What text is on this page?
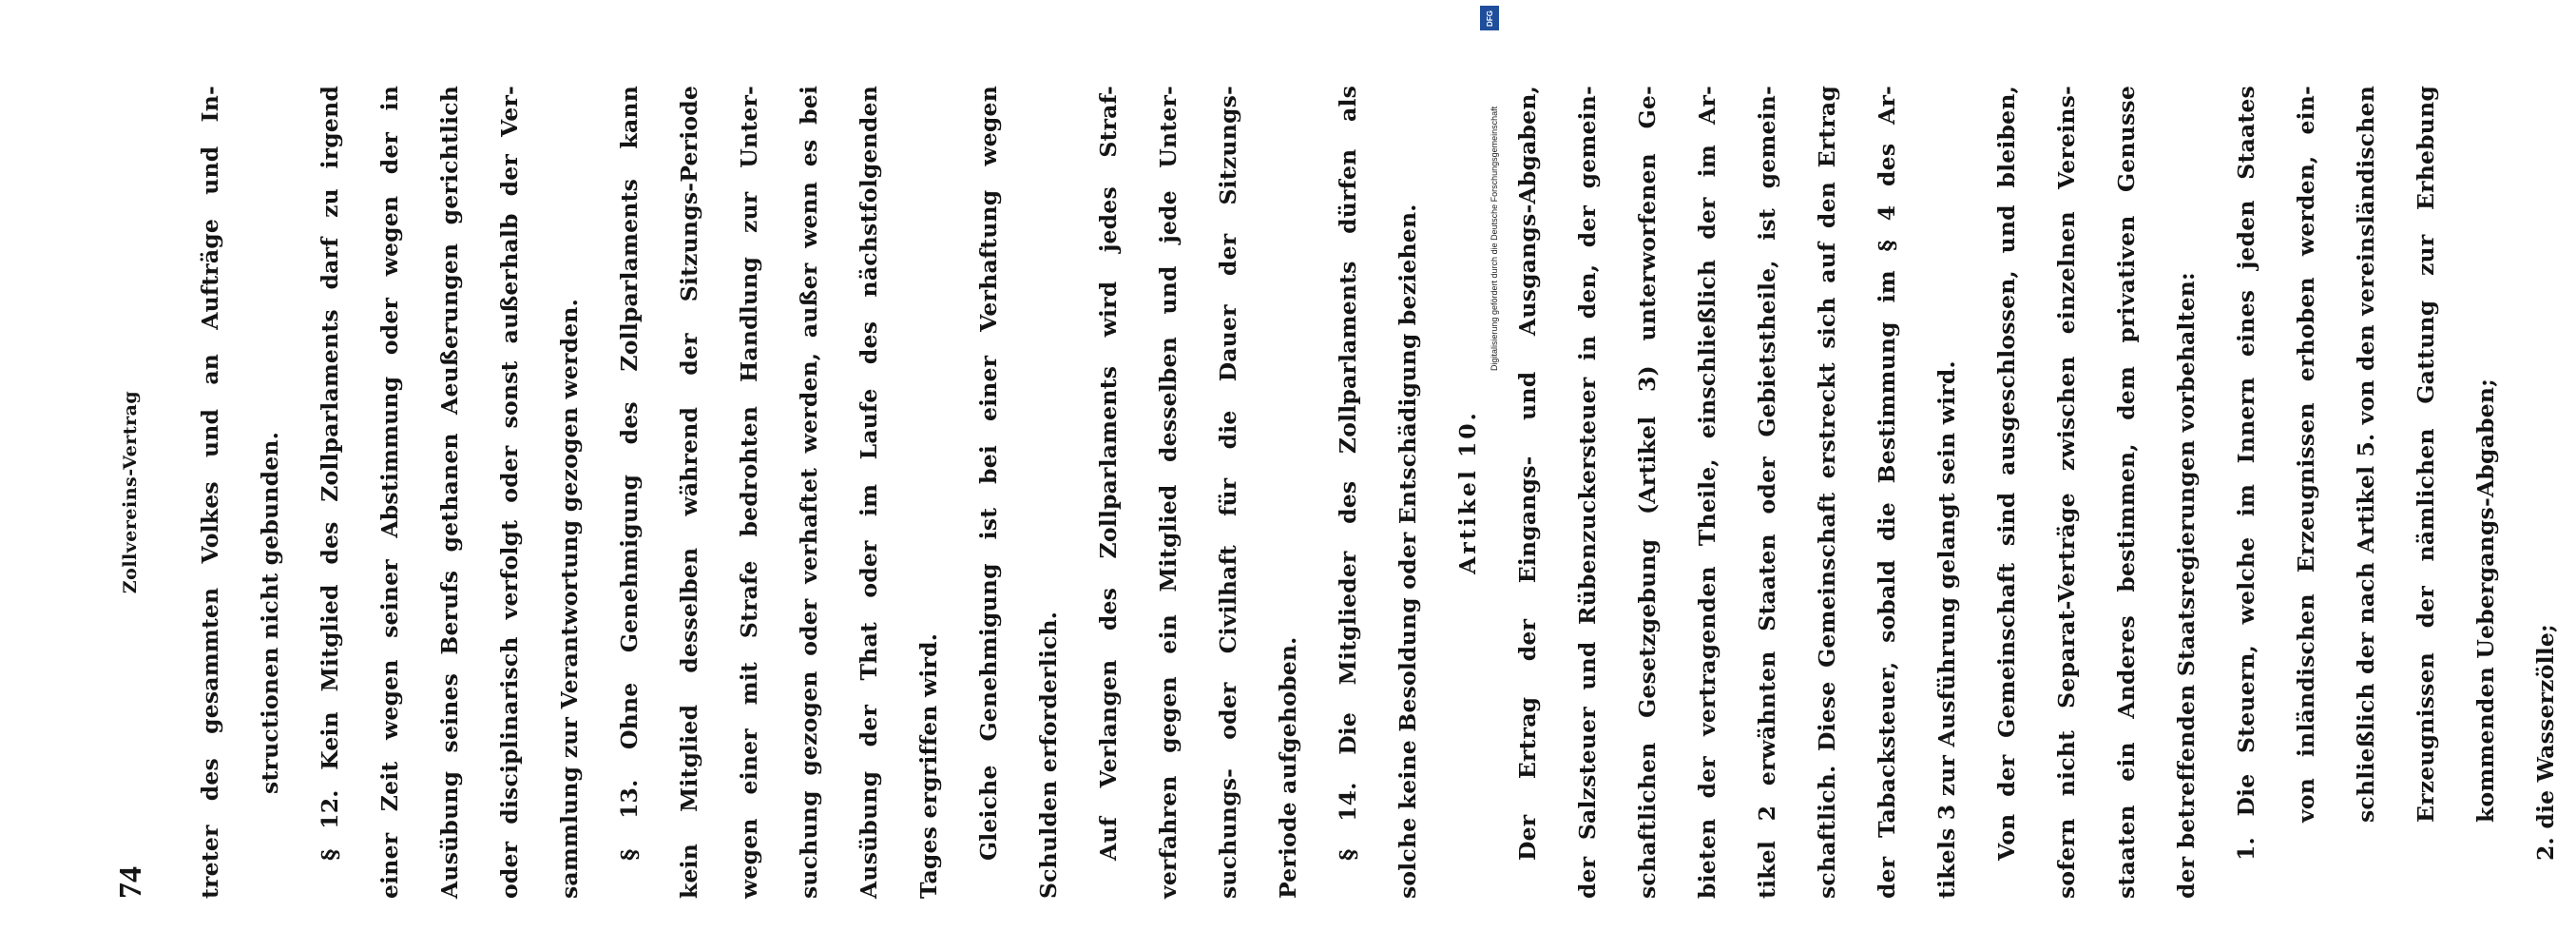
74
Zollvereins-Vertrag	treter des gesammten Volkes und an Aufträge und In-	structionen nicht gebunden.	§ 12. Kein Mitglied des Zollparlaments darf zu irgend	einer Zeit wegen seiner Abstimmung oder wegen der in	Ausübung seines Berufs gethanen Aeußerungen gerichtlich	oder disciplinarisch verfolgt oder sonst außerhalb der Ver-	sammlung zur Verantwortung gezogen werden.	§ 13. Ohne Genehmigung des Zollparlaments kann	kein Mitglied desselben während der Sitzungs-Periode	wegen einer mit Strafe bedrohten Handlung zur Unter-	suchung gezogen oder verhaftet werden, außer wenn es bei	Ausübung der That oder im Laufe des nächstfolgenden	Tages ergriffen wird.	Gleiche Genehmigung ist bei einer Verhaftung wegen	Schulden erforderlich.	Auf Verlangen des Zollparlaments wird jedes Straf-	verfahren gegen ein Mitglied desselben und jede Unter-	suchungs- oder Civilhaft für die Dauer der Sitzungs-	Periode aufgehoben.	§ 14. Die Mitglieder des Zollparlaments dürfen als	solche keine Besoldung oder Entschädigung beziehen.	Artikel 10.	Der Ertrag der Eingangs- und Ausgangs-Abgaben,	der Salzsteuer und Rübenzuckersteuer in den, der gemein-	schaftlichen Gesetzgebung (Artikel 3) unterworfenen Ge-	bieten der vertragenden Theile, einschließlich der im Ar-	tikel 2 erwähnten Staaten oder Gebietstheile, ist gemein-	schaftlich. Diese Gemeinschaft erstreckt sich auf den Ertrag	der Tabacksteuer, sobald die Bestimmung im § 4 des Ar-	tikels 3 zur Ausführung gelangt sein wird.	Von der Gemeinschaft sind ausgeschlossen, und bleiben,	sofern nicht Separat-Verträge zwischen einzelnen Vereins-	staaten ein Anderes bestimmen, dem privativen Genusse	der betreffenden Staatsregierungen vorbehalten:	1. Die Steuern, welche im Innern eines jeden Staates	von inländischen Erzeugnissen erhoben werden, ein-	schließlich der nach Artikel 5. von den vereinsländischen	Erzeugnissen der nämlichen Gattung zur Erhebung	kommenden Uebergangs-Abgaben;	2. die Wasserzölle;
DFG
Digitalisierung gefördert durch die Deutsche Forschungsgemeinschaft
